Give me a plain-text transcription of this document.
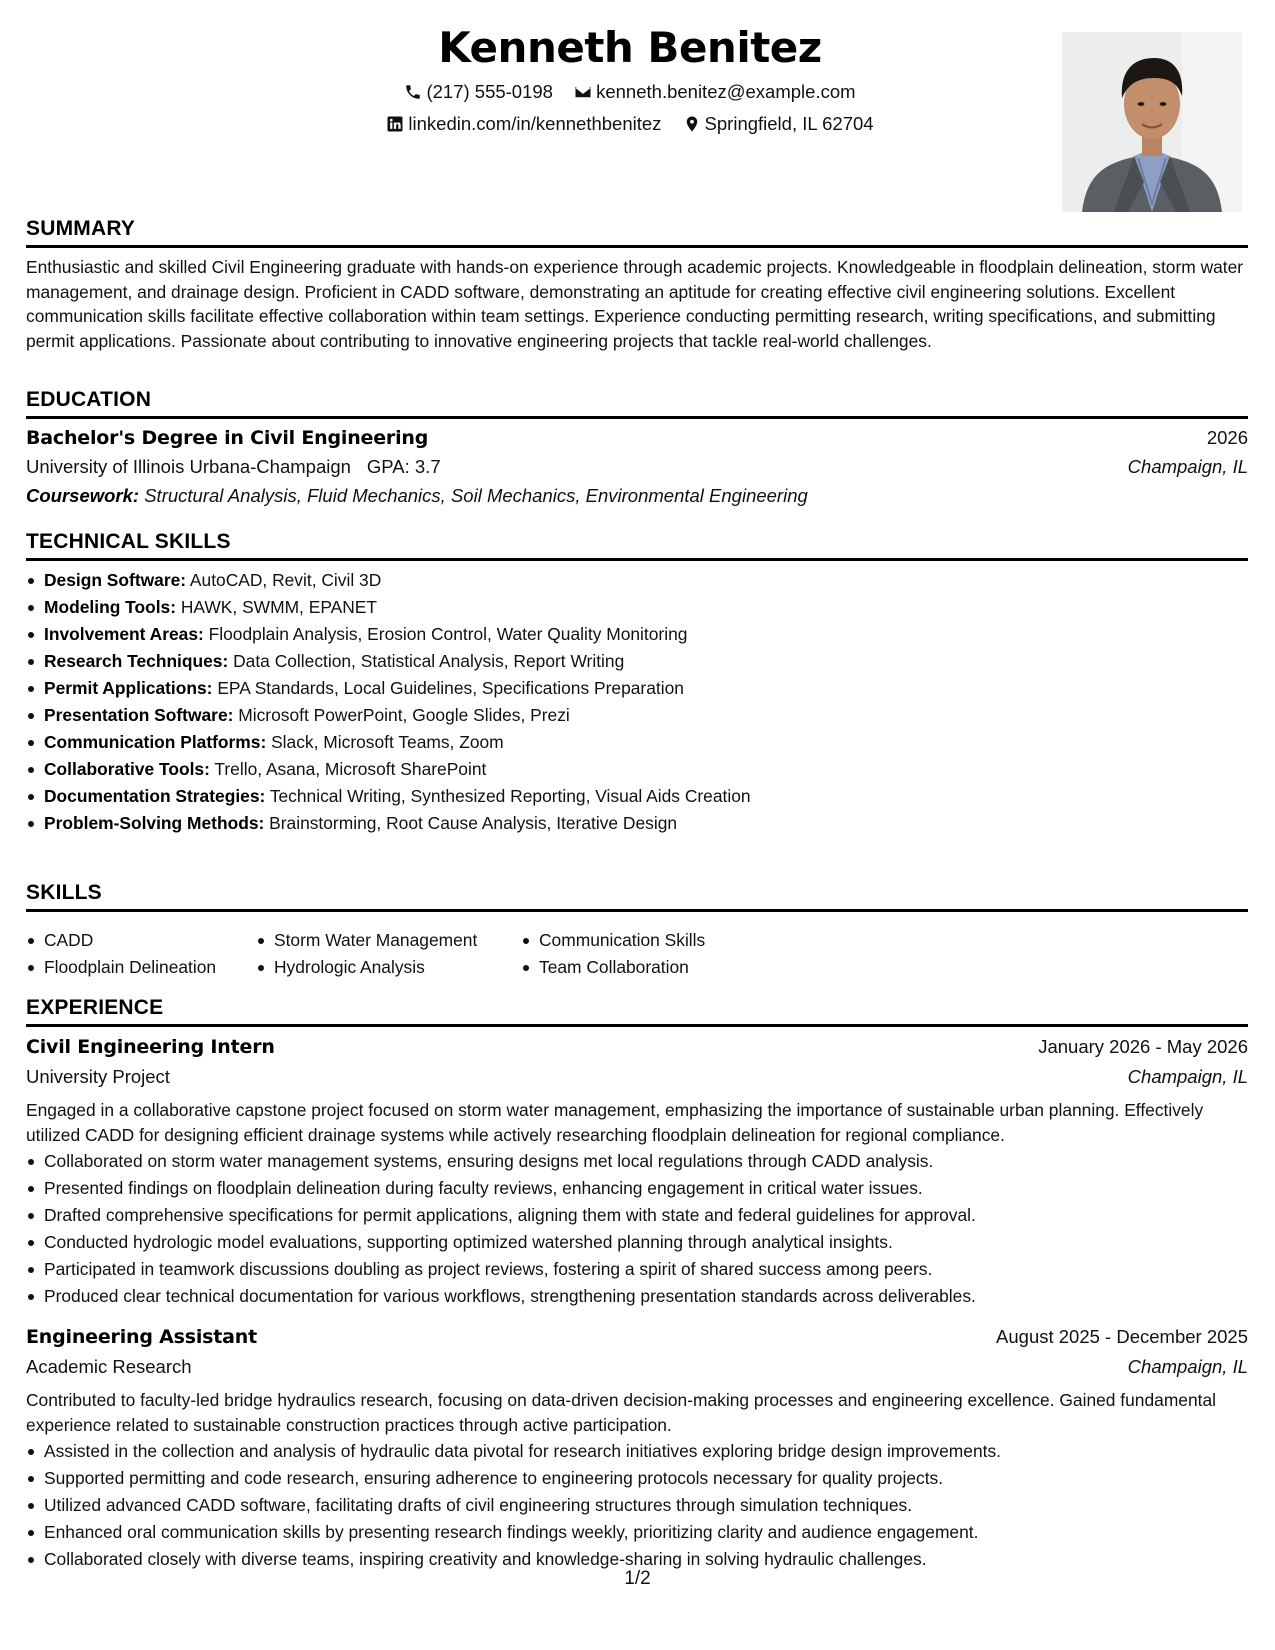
Kenneth Benitez
(217) 555-0198
kenneth.benitez@example.com
linkedin.com/in/kennethbenitez
Springfield, IL 62704
SUMMARY
Enthusiastic and skilled Civil Engineering graduate with hands-on experience through academic projects. Knowledgeable in floodplain delineation, storm water management, and drainage design. Proficient in CADD software, demonstrating an aptitude for creating effective civil engineering solutions. Excellent communication skills facilitate effective collaboration within team settings. Experience conducting permitting research, writing specifications, and submitting permit applications. Passionate about contributing to innovative engineering projects that tackle real-world challenges.
EDUCATION
Bachelor's Degree in Civil Engineering	2026
University of Illinois Urbana-Champaign GPA: 3.7	Champaign, IL
Coursework: Structural Analysis, Fluid Mechanics, Soil Mechanics, Environmental Engineering
TECHNICAL SKILLS
Design Software: AutoCAD, Revit, Civil 3D
Modeling Tools: HAWK, SWMM, EPANET
Involvement Areas: Floodplain Analysis, Erosion Control, Water Quality Monitoring
Research Techniques: Data Collection, Statistical Analysis, Report Writing
Permit Applications: EPA Standards, Local Guidelines, Specifications Preparation
Presentation Software: Microsoft PowerPoint, Google Slides, Prezi
Communication Platforms: Slack, Microsoft Teams, Zoom
Collaborative Tools: Trello, Asana, Microsoft SharePoint
Documentation Strategies: Technical Writing, Synthesized Reporting, Visual Aids Creation
Problem-Solving Methods: Brainstorming, Root Cause Analysis, Iterative Design
SKILLS
CADD
Floodplain Delineation
Storm Water Management
Hydrologic Analysis
Communication Skills
Team Collaboration
EXPERIENCE
Civil Engineering Intern	January 2026 - May 2026
University Project	Champaign, IL
Engaged in a collaborative capstone project focused on storm water management, emphasizing the importance of sustainable urban planning. Effectively utilized CADD for designing efficient drainage systems while actively researching floodplain delineation for regional compliance.
Collaborated on storm water management systems, ensuring designs met local regulations through CADD analysis.
Presented findings on floodplain delineation during faculty reviews, enhancing engagement in critical water issues.
Drafted comprehensive specifications for permit applications, aligning them with state and federal guidelines for approval.
Conducted hydrologic model evaluations, supporting optimized watershed planning through analytical insights.
Participated in teamwork discussions doubling as project reviews, fostering a spirit of shared success among peers.
Produced clear technical documentation for various workflows, strengthening presentation standards across deliverables.
Engineering Assistant	August 2025 - December 2025
Academic Research	Champaign, IL
Contributed to faculty-led bridge hydraulics research, focusing on data-driven decision-making processes and engineering excellence. Gained fundamental experience related to sustainable construction practices through active participation.
Assisted in the collection and analysis of hydraulic data pivotal for research initiatives exploring bridge design improvements.
Supported permitting and code research, ensuring adherence to engineering protocols necessary for quality projects.
Utilized advanced CADD software, facilitating drafts of civil engineering structures through simulation techniques.
Enhanced oral communication skills by presenting research findings weekly, prioritizing clarity and audience engagement.
Collaborated closely with diverse teams, inspiring creativity and knowledge-sharing in solving hydraulic challenges.
1/2
